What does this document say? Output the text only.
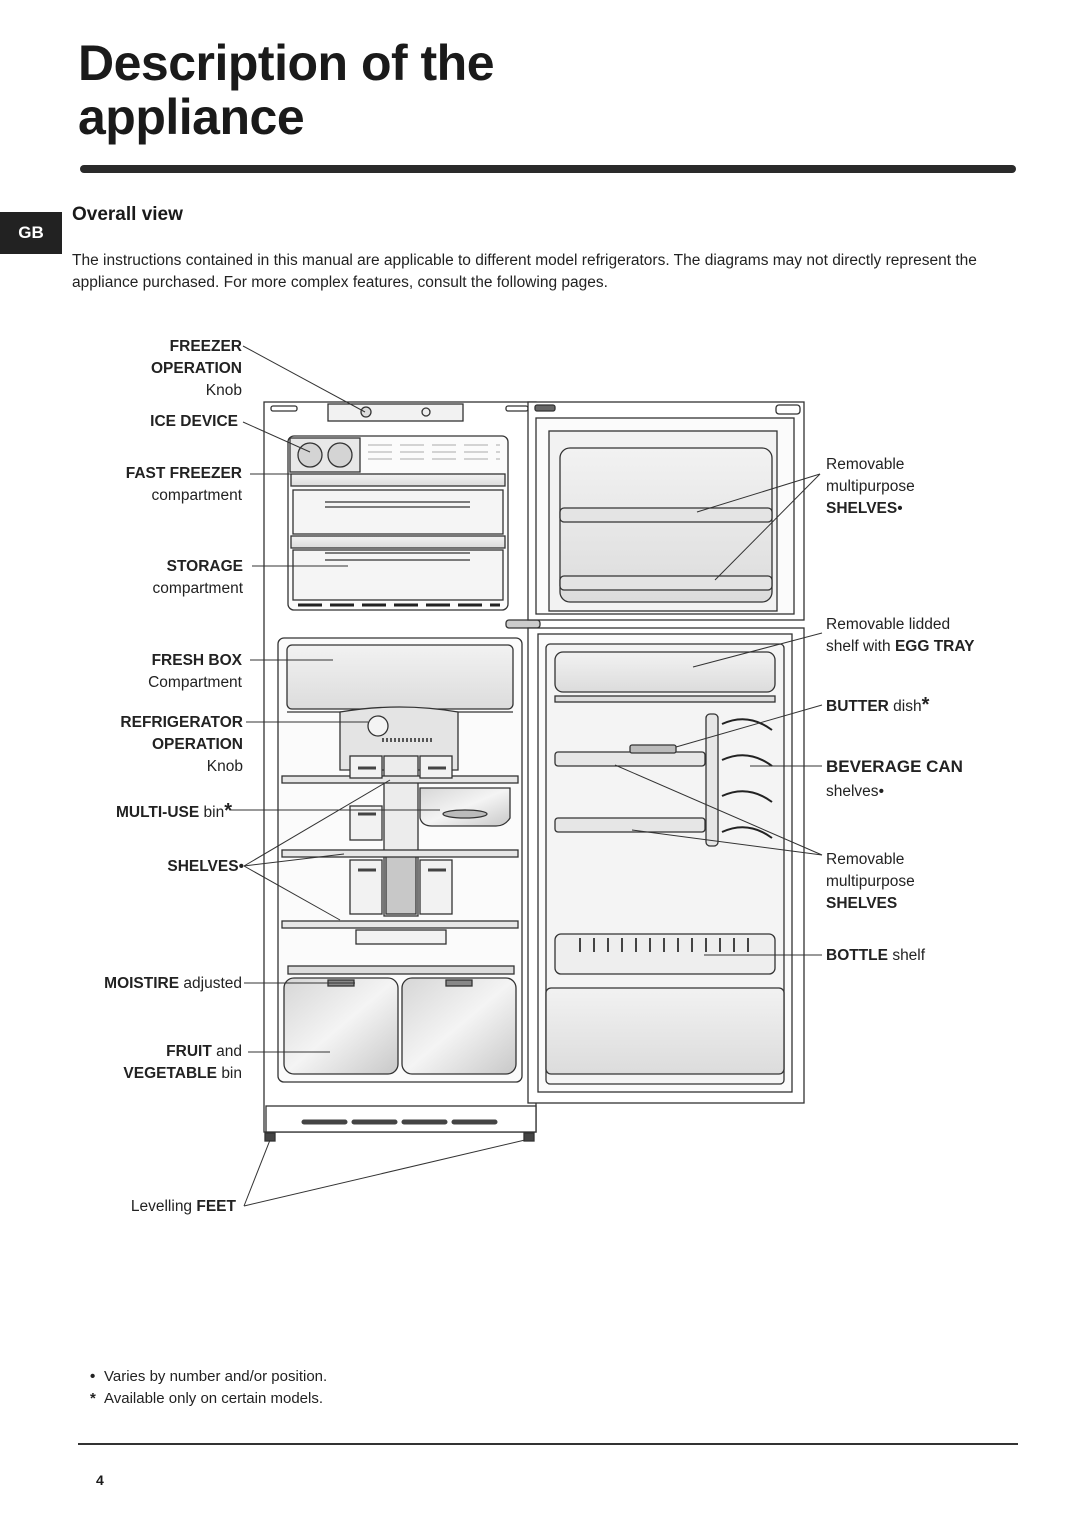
Description of the
appliance
GB
Overall view

The instructions contained in this manual are applicable to different model refrigerators. The diagrams may not directly represent the appliance purchased. For more complex features, consult the following pages.

FREEZER
OPERATION
Knob
ICE DEVICE
FAST FREEZER
compartment
STORAGE
compartment
FRESH BOX
Compartment
REFRIGERATOR
OPERATION
Knob
MULTI-USE bin*
SHELVES•
MOISTIRE adjusted
FRUIT and
VEGETABLE bin
Levelling FEET
Removable
multipurpose
SHELVES•
Removable lidded
shelf with EGG TRAY
BUTTER dish*
BEVERAGE CAN
shelves•
Removable
multipurpose
SHELVES
BOTTLE shelf
• Varies by number and/or position.
* Available only on certain models.
4
